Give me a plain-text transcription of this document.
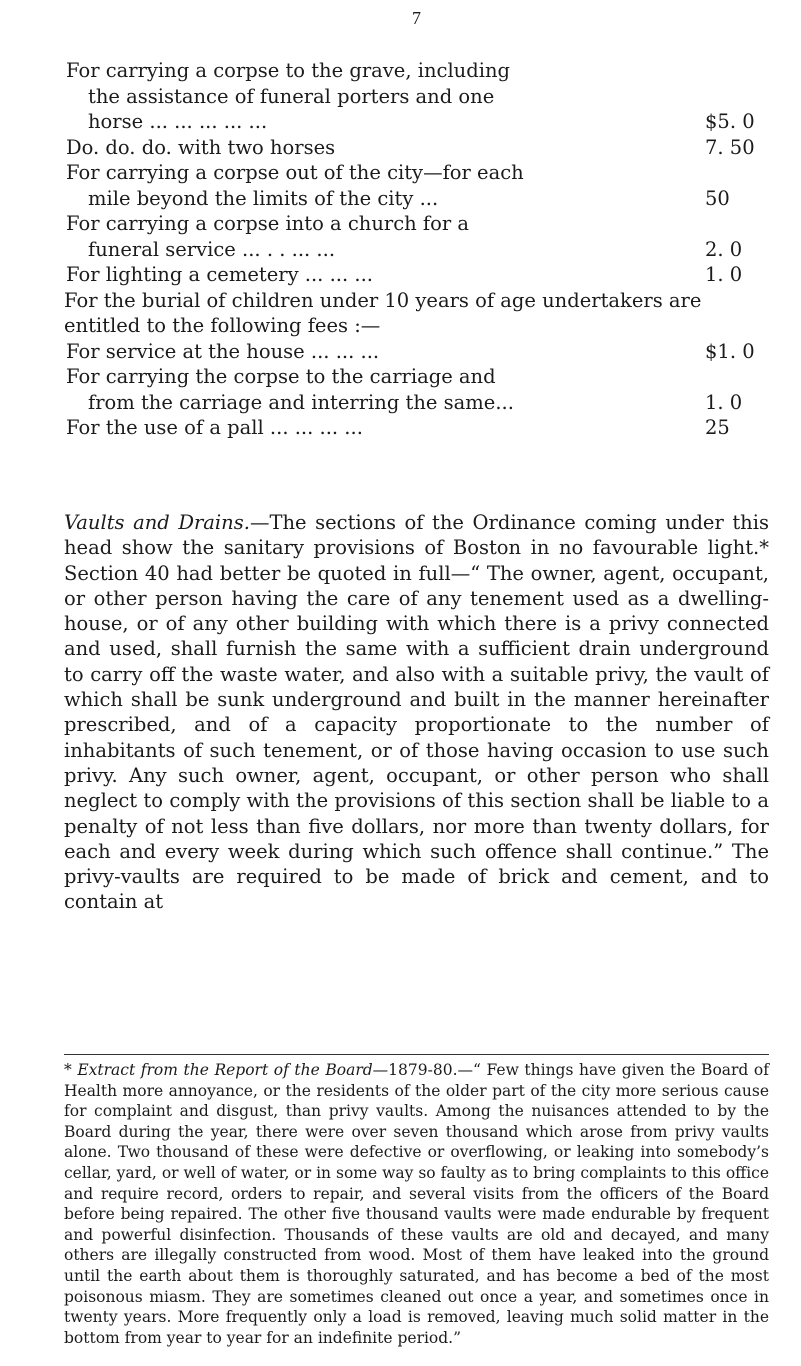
7
For carrying a corpse to the grave, including
the assistance of funeral porters and one
horse ... ... ... ... ...	$5. 0
Do. do. do. with two horses	7. 50
For carrying a corpse out of the city—for each
mile beyond the limits of the city ...	50
For carrying a corpse into a church for a
funeral service ... . . ... ...	2. 0
For lighting a cemetery ... ... ...	1. 0

For the burial of children under 10 years of age undertakers are entitled to the following fees :—

For service at the house ... ... ...	$1. 0
For carrying the corpse to the carriage and
from the carriage and interring the same...	1. 0
For the use of a pall ... ... ... ...	25

Vaults and Drains.—The sections of the Ordinance coming under this head show the sanitary provisions of Boston in no favourable light.* Section 40 had better be quoted in full—“ The owner, agent, occupant, or other person having the care of any tenement used as a dwelling-house, or of any other building with which there is a privy connected and used, shall furnish the same with a sufficient drain underground to carry off the waste water, and also with a suitable privy, the vault of which shall be sunk underground and built in the manner hereinafter prescribed, and of a capacity proportionate to the number of inhabitants of such tenement, or of those having occasion to use such privy. Any such owner, agent, occupant, or other person who shall neglect to comply with the provisions of this section shall be liable to a penalty of not less than five dollars, nor more than twenty dollars, for each and every week during which such offence shall continue.” The privy-vaults are required to be made of brick and cement, and to contain at

* Extract from the Report of the Board—1879-80.—“ Few things have given the Board of Health more annoyance, or the residents of the older part of the city more serious cause for complaint and disgust, than privy vaults. Among the nuisances attended to by the Board during the year, there were over seven thousand which arose from privy vaults alone. Two thousand of these were defective or overflowing, or leaking into somebody’s cellar, yard, or well of water, or in some way so faulty as to bring complaints to this office and require record, orders to repair, and several visits from the officers of the Board before being repaired. The other five thousand vaults were made endurable by frequent and powerful disinfection. Thousands of these vaults are old and decayed, and many others are illegally constructed from wood. Most of them have leaked into the ground until the earth about them is thoroughly saturated, and has become a bed of the most poisonous miasm. They are sometimes cleaned out once a year, and sometimes once in twenty years. More frequently only a load is removed, leaving much solid matter in the bottom from year to year for an indefinite period.”
